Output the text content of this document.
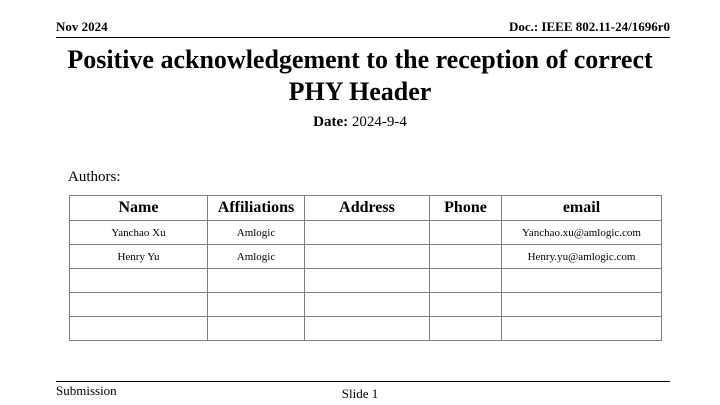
Nov 2024	Doc.: IEEE 802.11-24/1696r0
Positive acknowledgement to the reception of correct PHY Header
Date: 2024-9-4
Authors:
Name	Affiliations	Address	Phone	email
Yanchao Xu	Amlogic			Yanchao.xu@amlogic.com
Henry Yu	Amlogic			Henry.yu@amlogic.com

Submission	Slide 1
